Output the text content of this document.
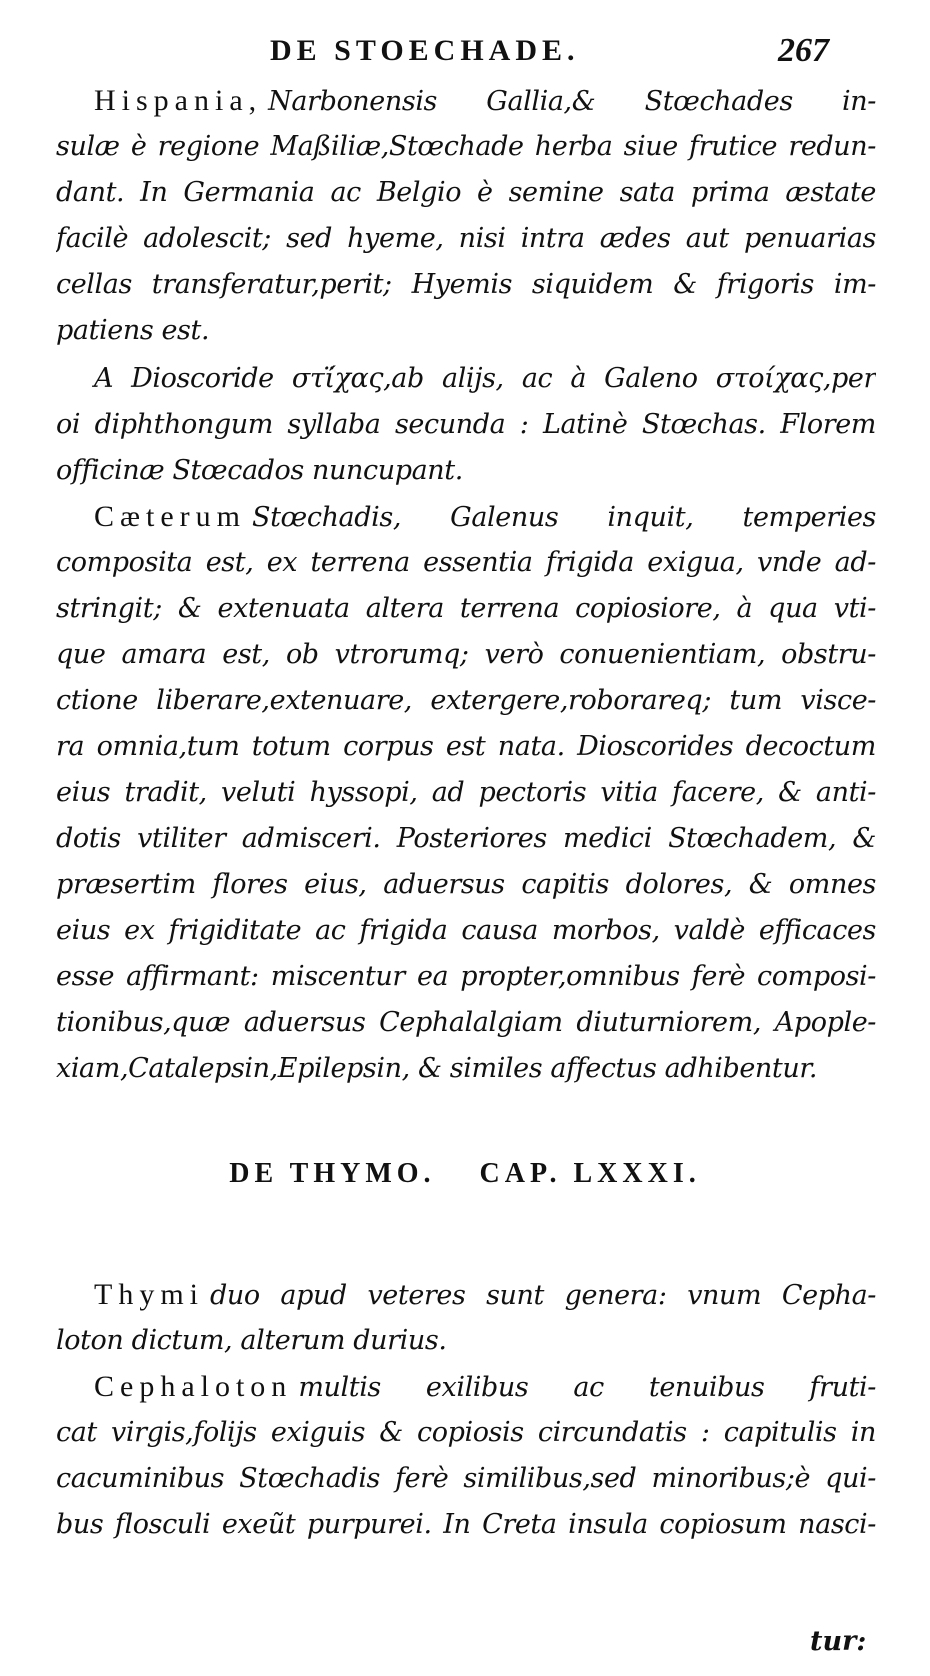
DE STOECHADE.	267
Hispania, Narbonensis Gallia,& Stœchades in-
sulæ è regione Maßiliæ,Stœchade herba siue frutice redun-
dant. In Germania ac Belgio è semine sata prima æstate
facilè adolescit; sed hyeme, nisi intra ædes aut penuarias
cellas transferatur,perit; Hyemis siquidem & frigoris im-
patiens est.
A Dioscoride στί̈χας,ab alijs, ac à Galeno στοίχας,per
oi diphthongum syllaba secunda : Latinè Stœchas. Florem
officinæ Stœcados nuncupant.
Cæterum Stœchadis, Galenus inquit, temperies
composita est, ex terrena essentia frigida exigua, vnde ad-
stringit; & extenuata altera terrena copiosiore, à qua vti-
que amara est, ob vtrorumq; verò conuenientiam, obstru-
ctione liberare,extenuare, extergere,roborareq; tum visce-
ra omnia,tum totum corpus est nata. Dioscorides decoctum
eius tradit, veluti hyssopi, ad pectoris vitia facere, & anti-
dotis vtiliter admisceri. Posteriores medici Stœchadem, &
præsertim flores eius, aduersus capitis dolores, & omnes
eius ex frigiditate ac frigida causa morbos, valdè efficaces
esse affirmant: miscentur ea propter,omnibus ferè composi-
tionibus,quæ aduersus Cephalalgiam diuturniorem, Apople-
xiam,Catalepsin,Epilepsin, & similes affectus adhibentur.
DE THYMO. CAP. LXXXI.
Thymi duo apud veteres sunt genera: vnum Cepha-
loton dictum, alterum durius.
Cephaloton multis exilibus ac tenuibus fruti-
cat virgis,folijs exiguis & copiosis circundatis : capitulis in
cacuminibus Stœchadis ferè similibus,sed minoribus;è qui-
bus flosculi exeũt purpurei. In Creta insula copiosum nasci-
tur:
